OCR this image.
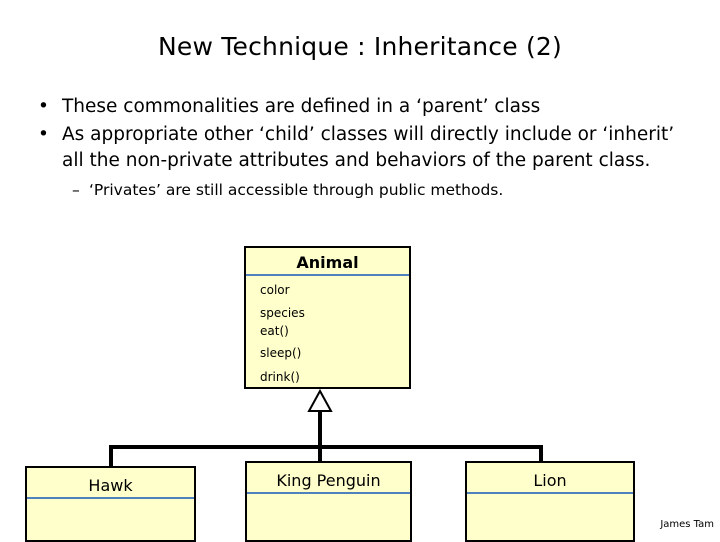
New Technique : Inheritance (2)
• These commonalities are defined in a ‘parent’ class
• As appropriate other ‘child’ classes will directly include or ‘inherit’ all the non-private attributes and behaviors of the parent class.
– ‘Privates’ are still accessible through public methods.
Animal
color
species
eat()
sleep()
drink()
Hawk	King Penguin	Lion
James Tam
